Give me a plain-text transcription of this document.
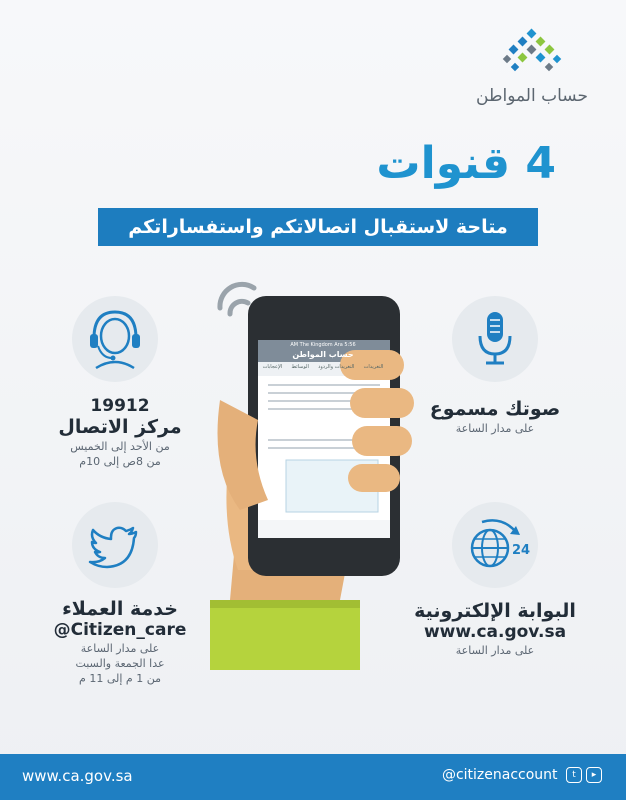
حساب المواطن
4 قنوات
متاحة لاستقبال اتصالاتكم واستفساراتكم
5:56 AM The Kingdom Ara
حساب المواطن
التغريدات
التغريدات والردود
الوسائط
الإعجابات
صوتك مسموع
على مدار الساعة
19912
مركز الاتصال
من الأحد إلى الخميس
من 8ص إلى 10م
خدمة العملاء
@Citizen_care
على مدار الساعة
عدا الجمعة والسبت
من 1 م إلى 11 م
24
البوابة الإلكترونية
www.ca.gov.sa
على مدار الساعة
www.ca.gov.sa	@citizenaccount t ▸
